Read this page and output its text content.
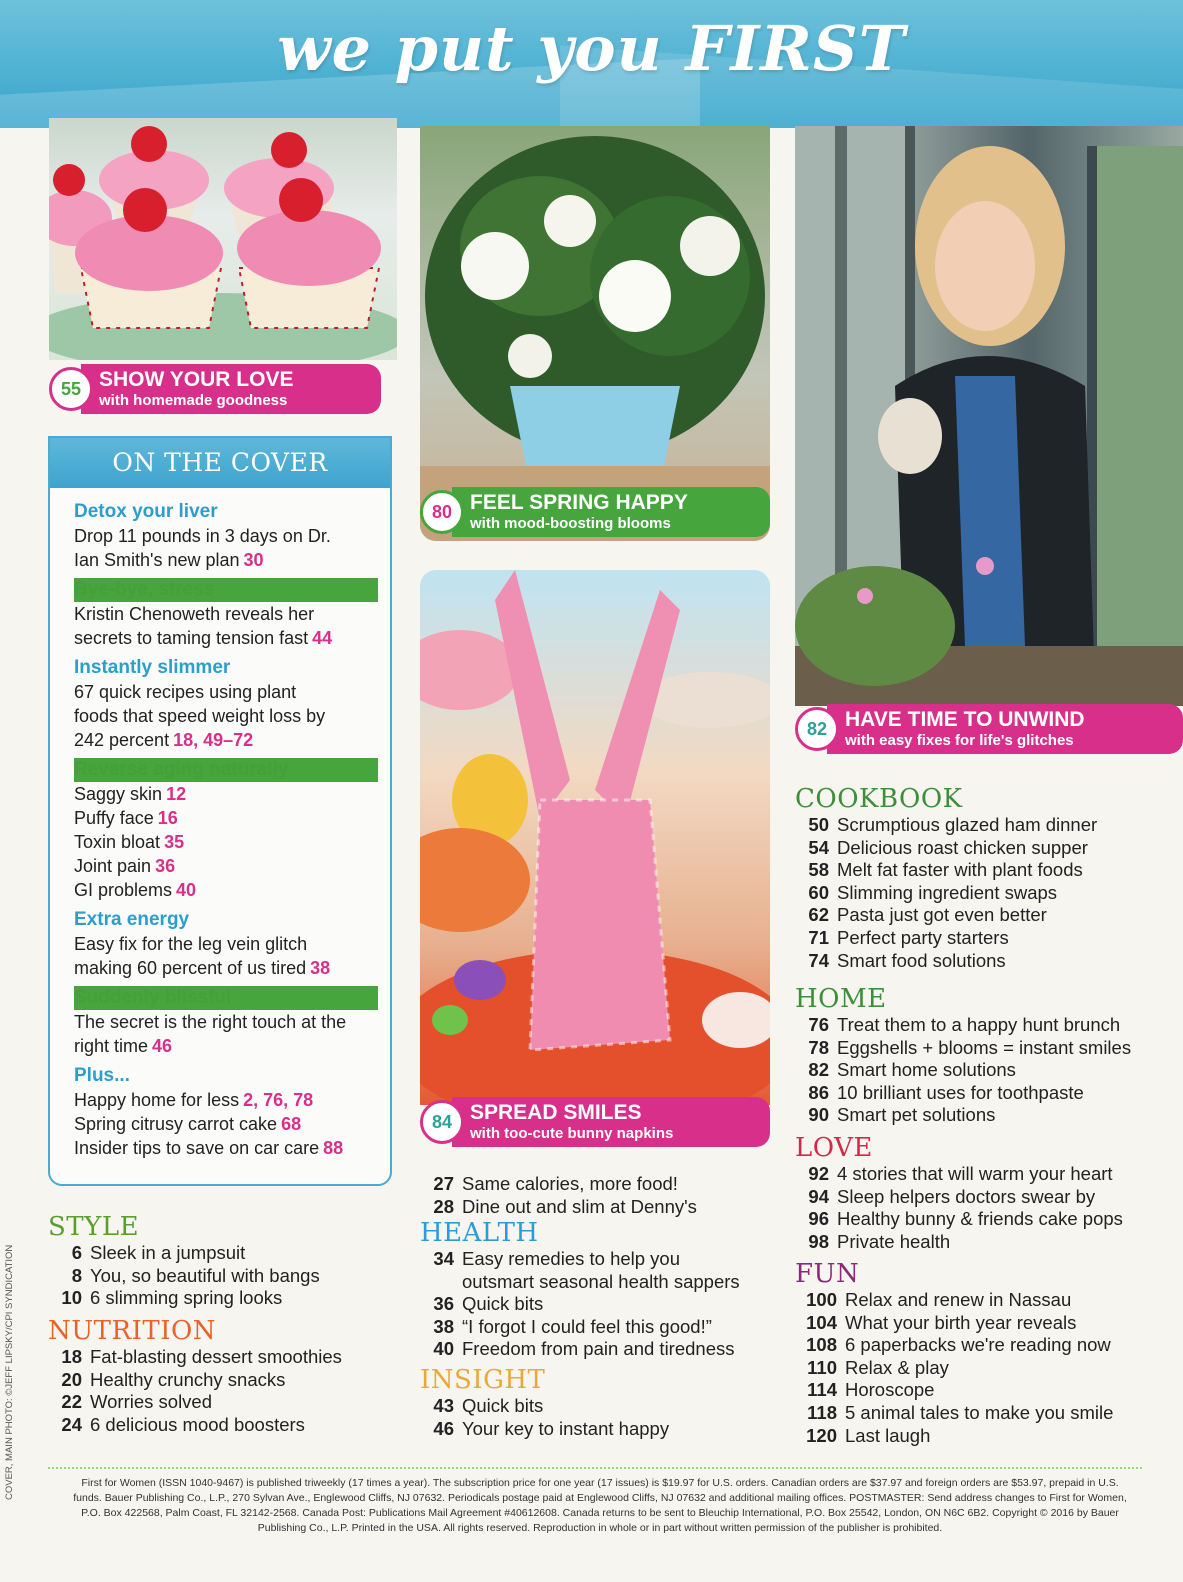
we put you FIRST
55 SHOW YOUR LOVE
with homemade goodness
80 FEEL SPRING HAPPY
with mood-boosting blooms
84 SPREAD SMILES
with too-cute bunny napkins
82 HAVE TIME TO UNWIND
with easy fixes for life's glitches
ON THE COVER
Detox your liver
Drop 11 pounds in 3 days on Dr.
Ian Smith's new plan 30
Bye-bye, stress
Kristin Chenoweth reveals her
secrets to taming tension fast 44
Instantly slimmer
67 quick recipes using plant
foods that speed weight loss by
242 percent 18, 49–72
Reverse aging naturally
Saggy skin 12
Puffy face 16
Toxin bloat 35
Joint pain 36
GI problems 40
Extra energy
Easy fix for the leg vein glitch
making 60 percent of us tired 38
Suddenly blissful
The secret is the right touch at the
right time 46
Plus...
Happy home for less 2, 76, 78
Spring citrusy carrot cake 68
Insider tips to save on car care 88
STYLE
6 Sleek in a jumpsuit
8 You, so beautiful with bangs
10 6 slimming spring looks
NUTRITION
18 Fat-blasting dessert smoothies
20 Healthy crunchy snacks
22 Worries solved
24 6 delicious mood boosters
27 Same calories, more food!
28 Dine out and slim at Denny's
HEALTH
34 Easy remedies to help you
outsmart seasonal health sappers
36 Quick bits
38 “I forgot I could feel this good!”
40 Freedom from pain and tiredness
INSIGHT
43 Quick bits
46 Your key to instant happy
COOKBOOK
50 Scrumptious glazed ham dinner
54 Delicious roast chicken supper
58 Melt fat faster with plant foods
60 Slimming ingredient swaps
62 Pasta just got even better
71 Perfect party starters
74 Smart food solutions
HOME
76 Treat them to a happy hunt brunch
78 Eggshells + blooms = instant smiles
82 Smart home solutions
86 10 brilliant uses for toothpaste
90 Smart pet solutions
LOVE
92 4 stories that will warm your heart
94 Sleep helpers doctors swear by
96 Healthy bunny & friends cake pops
98 Private health
FUN
100 Relax and renew in Nassau
104 What your birth year reveals
108 6 paperbacks we're reading now
110 Relax & play
114 Horoscope
118 5 animal tales to make you smile
120 Last laugh
COVER, MAIN PHOTO: ©JEFF LIPSKY/CPI SYNDICATION	First for Women (ISSN 1040-9467) is published triweekly (17 times a year). The subscription price for one year (17 issues) is $19.97 for U.S. orders. Canadian orders are $37.97 and foreign orders are $53.97, prepaid in U.S.
funds. Bauer Publishing Co., L.P., 270 Sylvan Ave., Englewood Cliffs, NJ 07632. Periodicals postage paid at Englewood Cliffs, NJ 07632 and additional mailing offices. POSTMASTER: Send address changes to First for Women,
P.O. Box 422568, Palm Coast, FL 32142-2568. Canada Post: Publications Mail Agreement #40612608. Canada returns to be sent to Bleuchip International, P.O. Box 25542, London, ON N6C 6B2. Copyright © 2016 by Bauer
Publishing Co., L.P. Printed in the USA. All rights reserved. Reproduction in whole or in part without written permission of the publisher is prohibited.
